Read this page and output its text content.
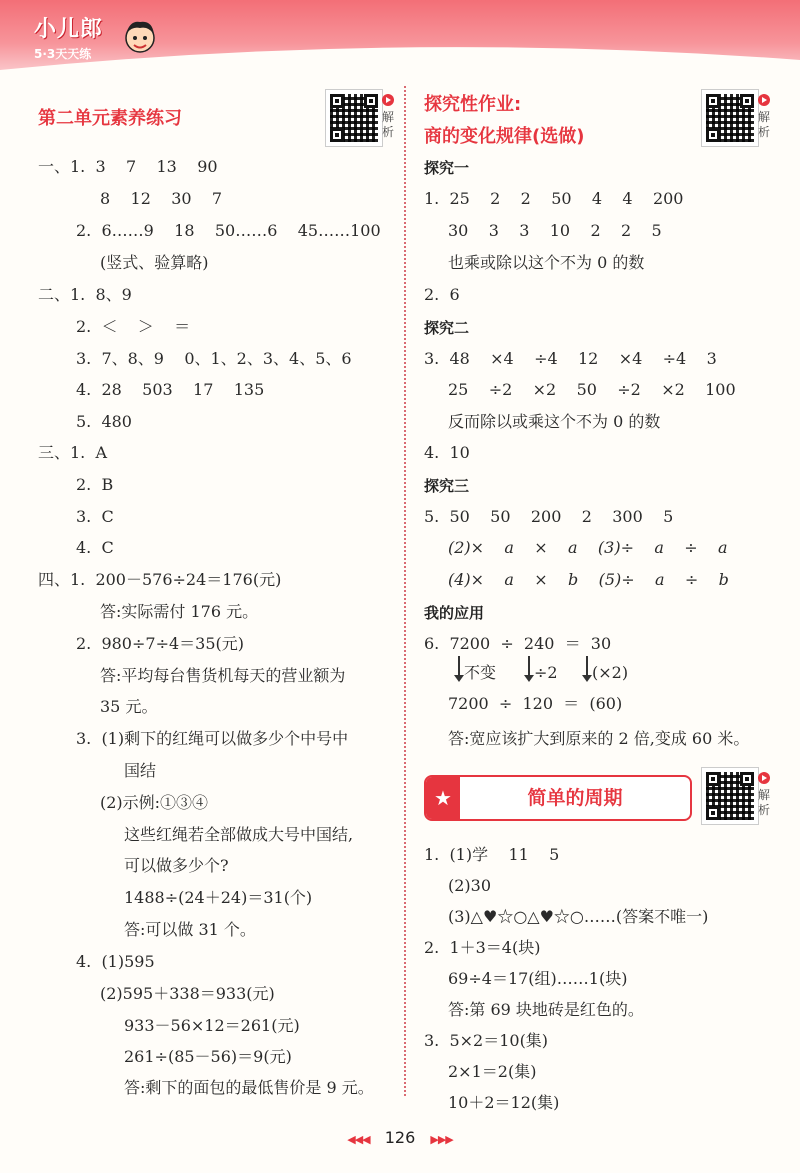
小儿郎
5·3天天练
第二单元素养练习	解析
一、1.  3    7    13    90
8    12    30    7
2.  6……9    18    50……6    45……100
(竖式、验算略)
二、1.  8、9
2.  ＜    ＞    ＝
3.  7、8、9    0、1、2、3、4、5、6
4.  28    503    17    135
5.  480
三、1.  A
2.  B
3.  C
4.  C
四、1.  200－576÷24＝176(元)
答:实际需付 176 元。
2.  980÷7÷4＝35(元)
答:平均每台售货机每天的营业额为
35 元。
3.  (1)剩下的红绳可以做多少个中号中
国结
(2)示例:①③④
这些红绳若全部做成大号中国结,
可以做多少个?
1488÷(24＋24)＝31(个)
答:可以做 31 个。
4.  (1)595
(2)595＋338＝933(元)
933－56×12＝261(元)
261÷(85－56)＝9(元)
答:剩下的面包的最低售价是 9 元。
探究性作业:
商的变化规律(选做)
解析
探究一
1.  25    2    2    50    4    4    200
30    3    3    10    2    2    5
也乘或除以这个不为 0 的数
2.  6
探究二
3.  48    ×4    ÷4    12    ×4    ÷4    3
25    ÷2    ×2    50    ÷2    ×2    100
反而除以或乘这个不为 0 的数
4.  10
探究三
5.  50    50    200    2    300    5
(2)×    a    ×    a    (3)÷    a    ÷    a
(4)×    a    ×    b    (5)÷    a    ÷    b
我的应用
6.  7200  ÷  240  ＝  30
不变 ÷2 (×2)
7200  ÷  120  ＝  (60)
答:宽应该扩大到原来的 2 倍,变成 60 米。
★	简单的周期	解析
1.  (1)学    11    5
(2)30
(3)△♥☆○△♥☆○……(答案不唯一)
2.  1＋3＝4(块)
69÷4＝17(组)……1(块)
答:第 69 块地砖是红色的。
3.  5×2＝10(集)
2×1＝2(集)
10＋2＝12(集)
◀◀◀ 126 ▶▶▶
